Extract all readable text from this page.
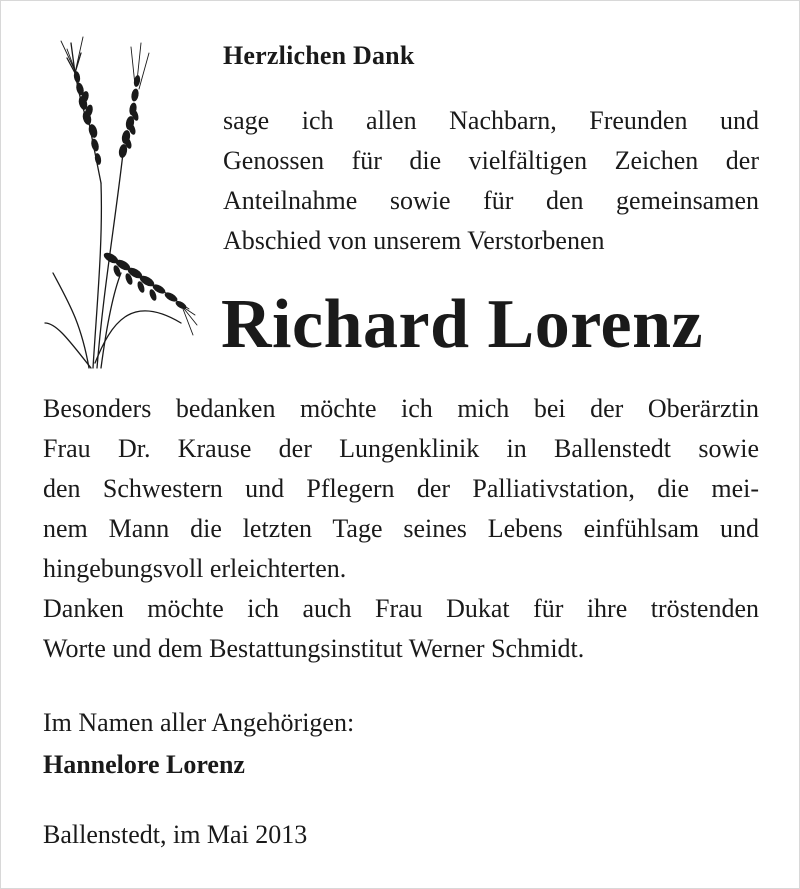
Herzlichen Dank
sage ich allen Nachbarn, Freunden und
Genossen für die vielfältigen Zeichen der
Anteilnahme sowie für den gemeinsamen
Abschied von unserem Verstorbenen
Richard Lorenz
Besonders bedanken möchte ich mich bei der Oberärztin
Frau Dr. Krause der Lungenklinik in Ballenstedt sowie
den Schwestern und Pflegern der Palliativstation, die mei-
nem Mann die letzten Tage seines Lebens einfühlsam und
hingebungsvoll erleichterten.
Danken möchte ich auch Frau Dukat für ihre tröstenden
Worte und dem Bestattungsinstitut Werner Schmidt.
Im Namen aller Angehörigen:
Hannelore Lorenz
Ballenstedt, im Mai 2013
